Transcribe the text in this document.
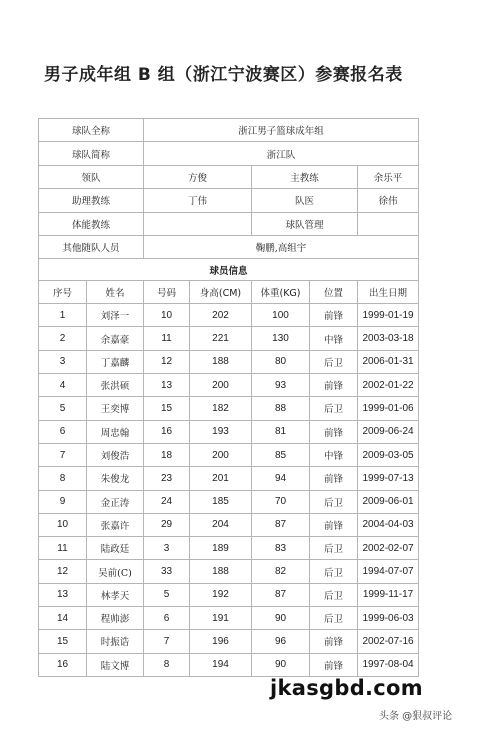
男子成年组 B 组（浙江宁波赛区）参赛报名表
球队全称		浙江男子篮球成年组				
球队简称		浙江队				
领队		方俊		主教练		余乐平
助理教练		丁伟		队医		徐伟
体能教练				球队管理		
其他随队人员		鞠鹏,高组宇				
球员信息						
序号	姓名	号码	身高(CM)	体重(KG)	位置	出生日期
1	刘泽一	10	202	100	前锋	1999-01-19
2	余嘉豪	11	221	130	中锋	2003-03-18
3	丁嘉麟	12	188	80	后卫	2006-01-31
4	张洪硕	13	200	93	前锋	2002-01-22
5	王奕博	15	182	88	后卫	1999-01-06
6	周忠翰	16	193	81	前锋	2009-06-24
7	刘俊浩	18	200	85	中锋	2009-03-05
8	朱俊龙	23	201	94	前锋	1999-07-13
9	金正涛	24	185	70	后卫	2009-06-01
10	张嘉许	29	204	87	前锋	2004-04-03
11	陆政廷	3	189	83	后卫	2002-02-07
12	吴前(C)	33	188	82	后卫	1994-07-07
13	林孝天	5	192	87	后卫	1999-11-17
14	程帅澎	6	191	90	后卫	1999-06-03
15	时振诰	7	196	96	前锋	2002-07-16
16	陆文博	8	194	90	前锋	1997-08-04
jkasgbd.com
头条 @狠叔评论
